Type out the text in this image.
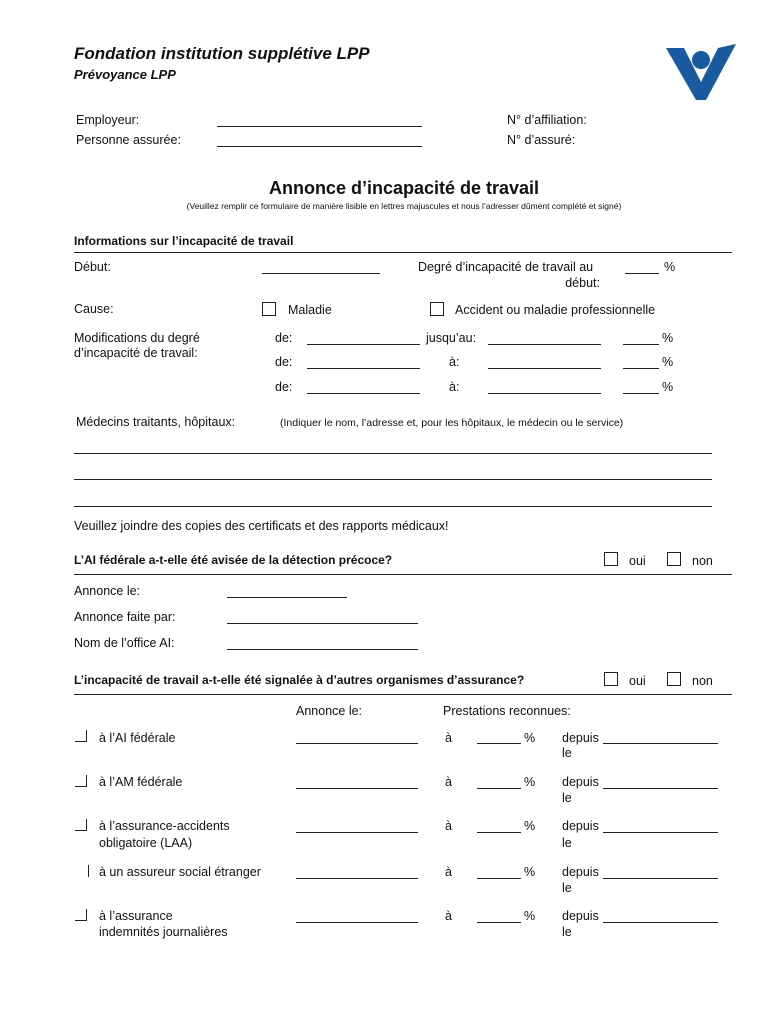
Fondation institution supplétive LPP
Prévoyance LPP
Employeur:
Personne assurée:
N° d’affiliation:
N° d’assuré:
Annonce d’incapacité de travail
(Veuillez remplir ce formulaire de manière lisible en lettres majuscules et nous l’adresser dûment complété et signé)
Informations sur l’incapacité de travail
Début:	Degré d’incapacité de travail au
début:
%
Cause:	Maladie	Accident ou maladie professionnelle
Modifications du degré
d’incapacité de travail:
de:	jusqu’au:	%
de:	à:	%
de:	à:	%
Médecins traitants, hôpitaux:	(Indiquer le nom, l’adresse et, pour les hôpitaux, le médecin ou le service)
Veuillez joindre des copies des certificats et des rapports médicaux!
L’AI fédérale a-t-elle été avisée de la détection précoce?	oui	non
Annonce le:
Annonce faite par:
Nom de l’office AI:
L’incapacité de travail a-t-elle été signalée à d’autres organismes d’assurance?	oui	non
Annonce le:	Prestations reconnues:
à l’AI fédérale	à	% depuis
le
à l’AM fédérale	à	% depuis
le
à l’assurance-accidents
obligatoire (LAA)
à	% depuis
le
à un assureur social étranger	à	% depuis
le
à l’assurance
indemnités journalières
à	% depuis
le
